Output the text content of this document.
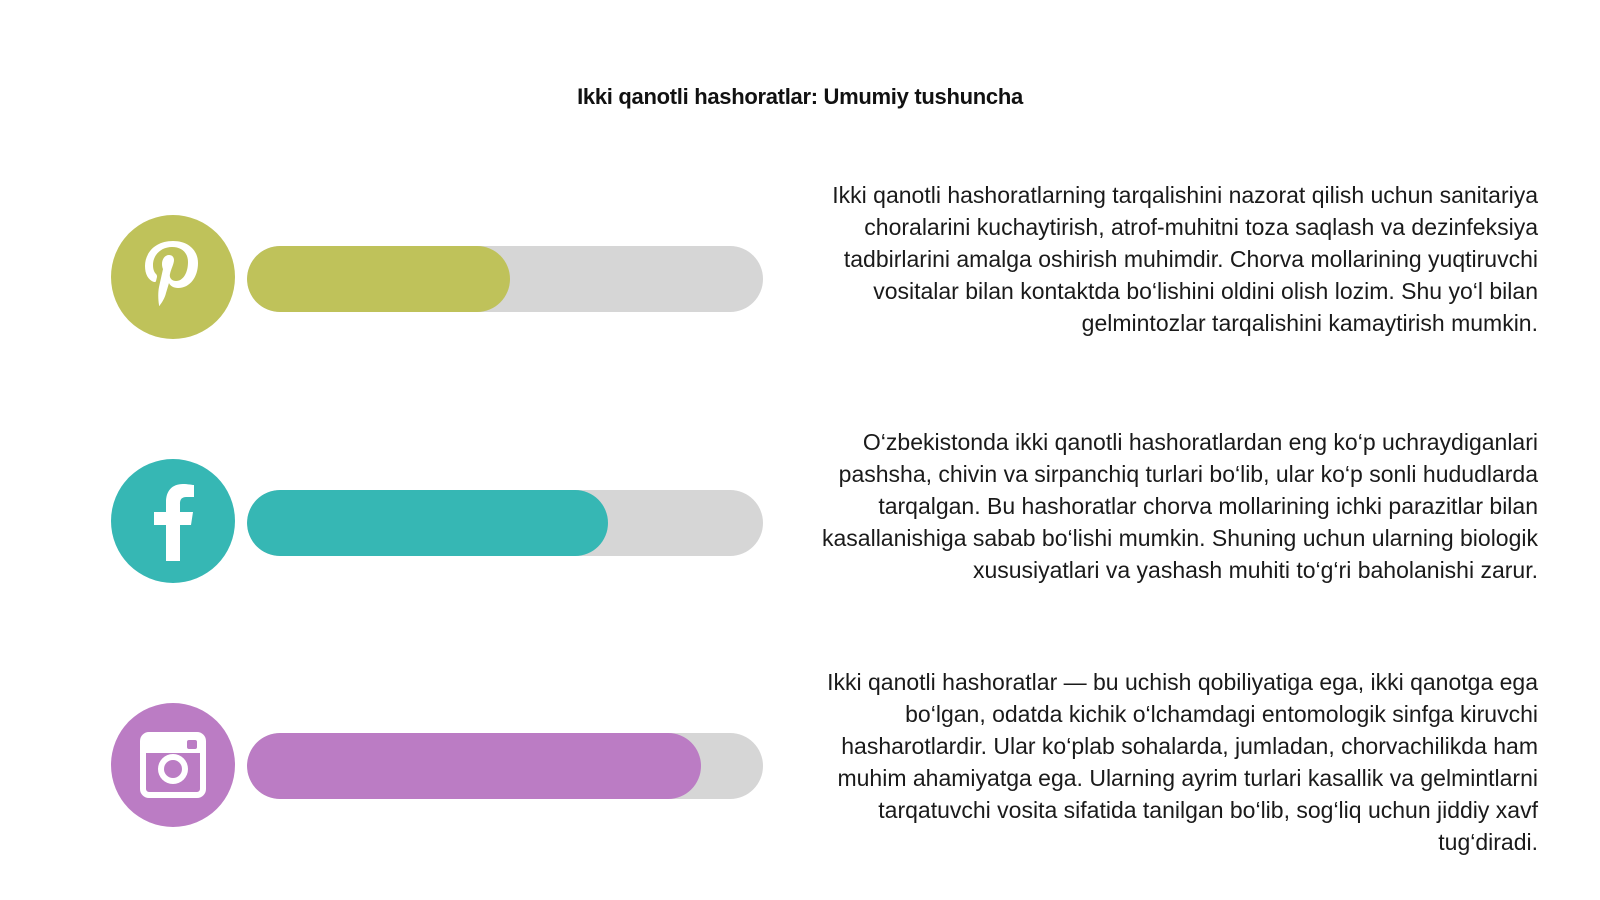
Ikki qanotli hashoratlar: Umumiy tushuncha
Ikki qanotli hashoratlarning tarqalishini nazorat qilish uchun sanitariya choralarini kuchaytirish, atrof-muhitni toza saqlash va dezinfeksiya tadbirlarini amalga oshirish muhimdir. Chorva mollarining yuqtiruvchi vositalar bilan kontaktda bo‘lishini oldini olish lozim. Shu yo‘l bilan gelmintozlar tarqalishini kamaytirish mumkin.
O‘zbekistonda ikki qanotli hashoratlardan eng ko‘p uchraydiganlari pashsha, chivin va sirpanchiq turlari bo‘lib, ular ko‘p sonli hududlarda tarqalgan. Bu hashoratlar chorva mollarining ichki parazitlar bilan kasallanishiga sabab bo‘lishi mumkin. Shuning uchun ularning biologik xususiyatlari va yashash muhiti to‘g‘ri baholanishi zarur.
Ikki qanotli hashoratlar — bu uchish qobiliyatiga ega, ikki qanotga ega bo‘lgan, odatda kichik o‘lchamdagi entomologik sinfga kiruvchi hasharotlardir. Ular ko‘plab sohalarda, jumladan, chorvachilikda ham muhim ahamiyatga ega. Ularning ayrim turlari kasallik va gelmintlarni tarqatuvchi vosita sifatida tanilgan bo‘lib, sog‘liq uchun jiddiy xavf tug‘diradi.
